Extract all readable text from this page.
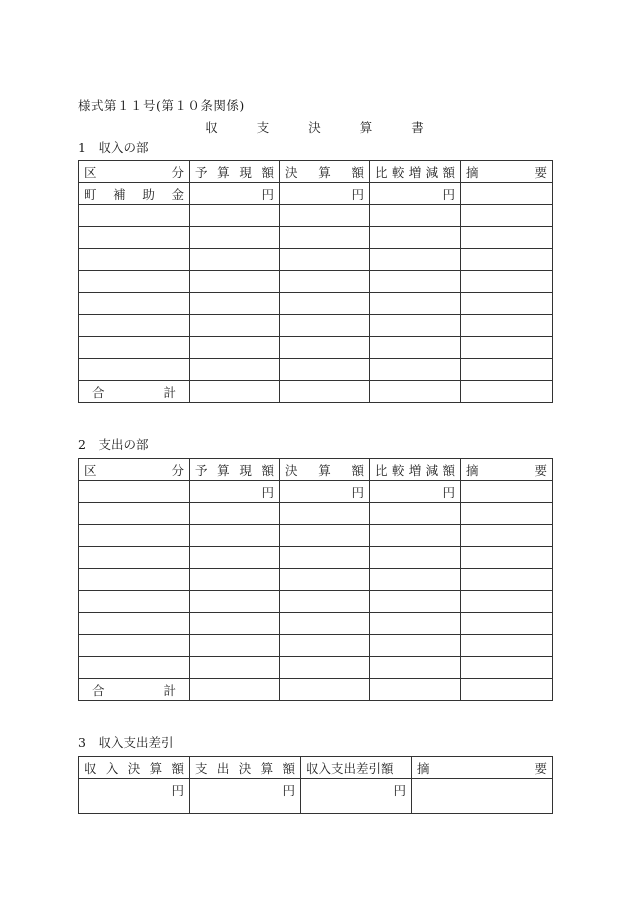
様式第１１号(第１０条関係)
収	支	決	算	書
1　収入の部
区 分	予 算 現 額	決 算 額	比 較 増 減 額	摘 要

町 補 助 金	円	円	円	

合 計				

2　支出の部
区 分	予 算 現 額	決 算 額	比 較 増 減 額	摘 要

	円	円	円	

合 計				

3　収入支出差引
収 入 決 算 額	支 出 決 算 額	収入支出差引額	摘 要

円	円	円	
